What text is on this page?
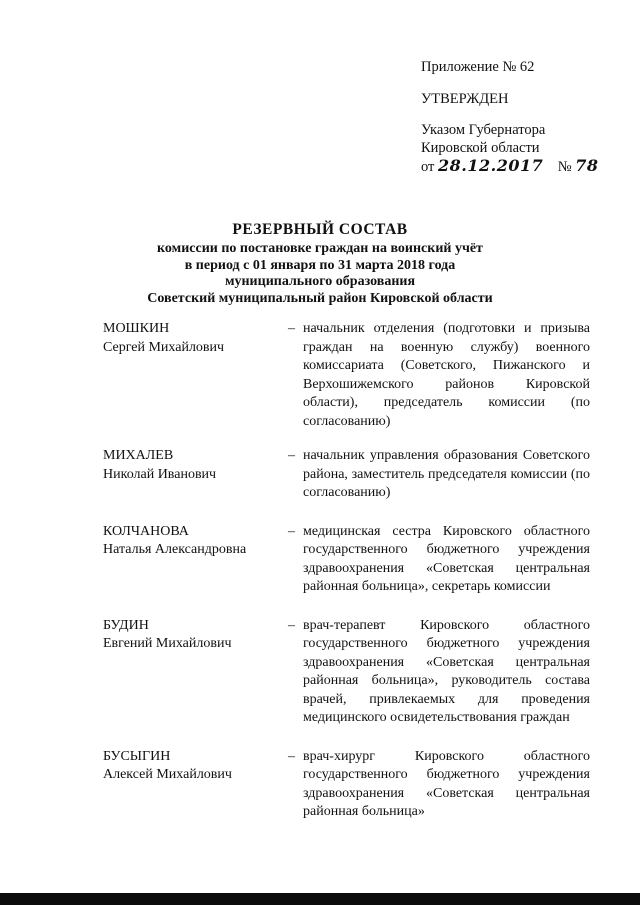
Приложение № 62
УТВЕРЖДЕН
Указом Губернатора
Кировской области
от 28.12.2017 № 78
РЕЗЕРВНЫЙ СОСТАВ
комиссии по постановке граждан на воинский учёт
в период с 01 января по 31 марта 2018 года
муниципального образования
Советский муниципальный район Кировской области
МОШКИН
Сергей Михайлович
– начальник отделения (подготовки и призыва граждан на военную службу) военного комиссариата (Советского, Пижанского и Верхошижемского районов Кировской области), председатель комиссии (по согласованию)
МИХАЛЕВ
Николай Иванович
– начальник управления образования Советского района, заместитель председателя комиссии (по согласованию)
КОЛЧАНОВА
Наталья Александровна
– медицинская сестра Кировского областного государственного бюджетного учреждения здравоохранения «Советская центральная районная больница», секретарь комиссии
БУДИН
Евгений Михайлович
– врач-терапевт Кировского областного государственного бюджетного учреждения здравоохранения «Советская центральная районная больница», руководитель состава врачей, привлекаемых для проведения медицинского освидетельствования граждан
БУСЫГИН
Алексей Михайлович
– врач-хирург Кировского областного государственного бюджетного учреждения здравоохранения «Советская центральная районная больница»
